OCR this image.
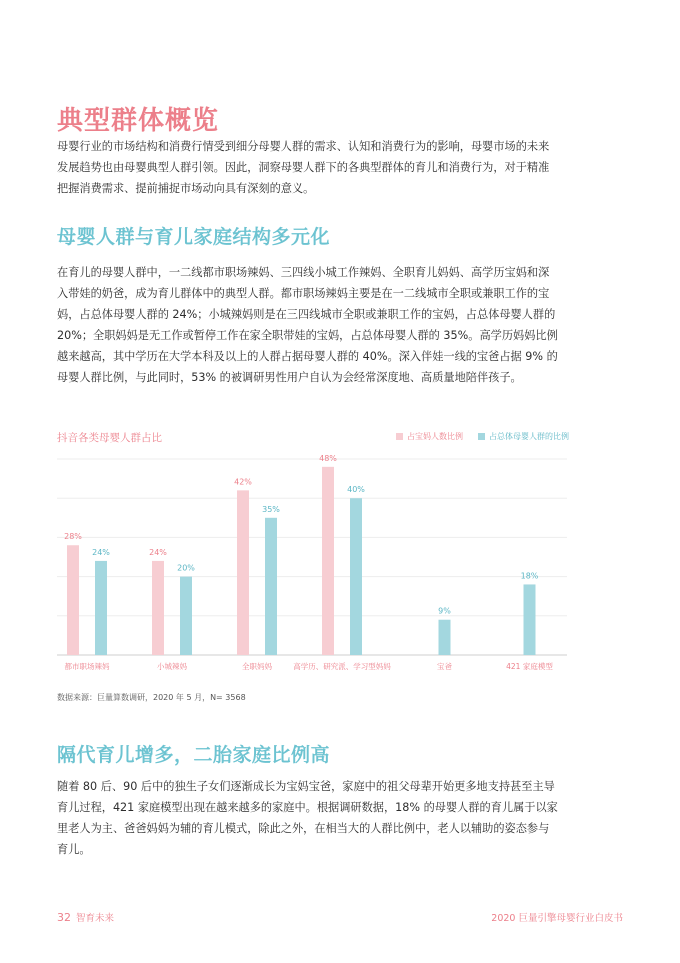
典型群体概览
母婴行业的市场结构和消费行情受到细分母婴人群的需求、认知和消费行为的影响，母婴市场的未来
发展趋势也由母婴典型人群引领。因此，洞察母婴人群下的各典型群体的育儿和消费行为，对于精准
把握消费需求、提前捕捉市场动向具有深刻的意义。
母婴人群与育儿家庭结构多元化
在育儿的母婴人群中，一二线都市职场辣妈、三四线小城工作辣妈、全职育儿妈妈、高学历宝妈和深
入带娃的奶爸，成为育儿群体中的典型人群。都市职场辣妈主要是在一二线城市全职或兼职工作的宝
妈，占总体母婴人群的 24%；小城辣妈则是在三四线城市全职或兼职工作的宝妈，占总体母婴人群的
20%；全职妈妈是无工作或暂停工作在家全职带娃的宝妈，占总体母婴人群的 35%。高学历妈妈比例
越来越高，其中学历在大学本科及以上的人群占据母婴人群的 40%。深入伴娃一线的宝爸占据 9% 的
母婴人群比例，与此同时，53% 的被调研男性用户自认为会经常深度地、高质量地陪伴孩子。
抖音各类母婴人群占比	占宝妈人数比例	占总体母婴人群的比例
28%
24%
都市职场辣妈
24%
20%
小城辣妈
42%
35%
全职妈妈
48%
40%
高学历、研究派、学习型妈妈
9%
宝爸
18%
421 家庭模型
数据来源：巨量算数调研，2020 年 5 月，N= 3568
隔代育儿增多，二胎家庭比例高
随着 80 后、90 后中的独生子女们逐渐成长为宝妈宝爸，家庭中的祖父母辈开始更多地支持甚至主导
育儿过程，421 家庭模型出现在越来越多的家庭中。根据调研数据，18% 的母婴人群的育儿属于以家
里老人为主、爸爸妈妈为辅的育儿模式，除此之外，在相当大的人群比例中，老人以辅助的姿态参与
育儿。
32 智育未来	2020 巨量引擎母婴行业白皮书
